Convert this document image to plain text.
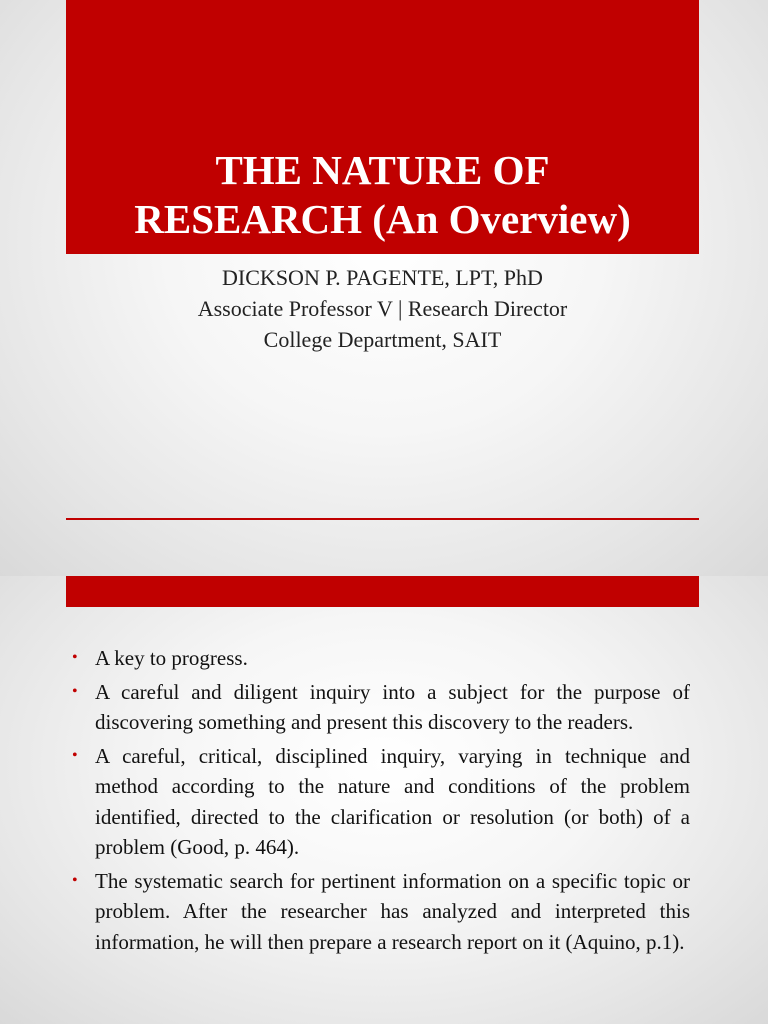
THE NATURE OF
RESEARCH (An Overview)
DICKSON P. PAGENTE, LPT, PhD
Associate Professor V | Research Director
College Department, SAIT
• A key to progress.
• A careful and diligent inquiry into a subject for the purpose of discovering something and present this discovery to the readers.
• A careful, critical, disciplined inquiry, varying in technique and method according to the nature and conditions of the problem identified, directed to the clarification or resolution (or both) of a problem (Good, p. 464).
• The systematic search for pertinent information on a specific topic or problem. After the researcher has analyzed and interpreted this information, he will then prepare a research report on it (Aquino, p.1).
